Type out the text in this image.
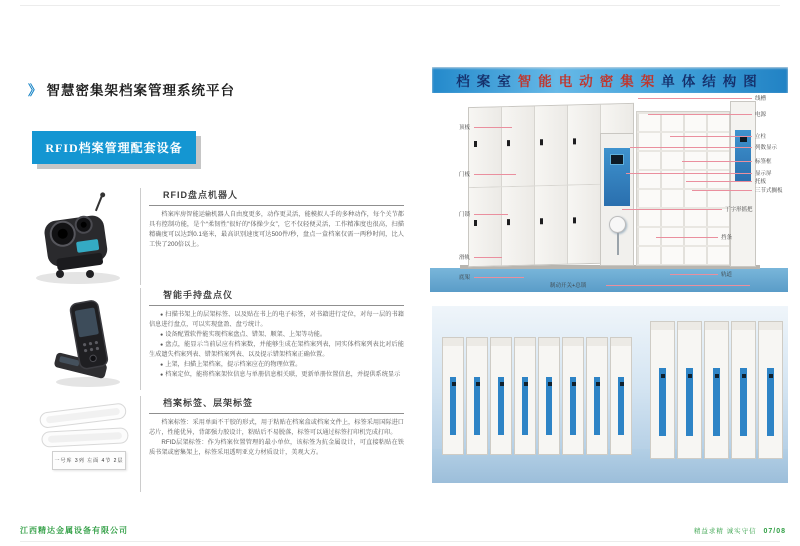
》 智慧密集架档案管理系统平台
RFID档案管理配套设备
RFID盘点机器人

档案库房智能运输机器人自由度更多，动作更灵活，能模拟人手的多种动作，每个关节都具有控制功能，是个“柔韧性”很好的“体操少女”，它不仅轻便灵活，工作精准度也很高，扫描精确度可以达到0.1毫米，最高识别速度可达500件/秒，盘点一盒档案仅需一两秒时间，比人工快了200倍以上。

智能手持盘点仪

● 扫描书架上的层架标签、以及贴在书上的电子标签，对书籍进行定位，对每一层的书籍信息进行盘点，可以实现盘盈、盘亏统计。

● 设备配置软件能实现档案盘点、错架、顺架、上架等功能。

● 盘点，能显示当前层应有档案数，并能够生成在架档案列表，同实体档案列表比对后能生成遗失档案列表、错架档案列表、以及提示错架档案正确位置。

● 上架，扫描上架档案，提示档案应在的物理位置。

● 档案定位，能将档案架位信息与单册信息相关联，更新单册位置信息，并提供系统显示

一号库 3列 左面 4节 2层
档案标签、层架标签

档案标签：采用单面不干胶的形式，用于粘贴在档案盒或档案文件上，标签采用国际进口芯片，性能优异，背部强力胶设计，粘贴后不易脱落，标签可以通过标签打印机完成打印。

RFID层架标签：作为档案位置管理的最小单位，该标签为抗金属设计，可直接粘贴在铁质书架或密集架上，标签采用透明亚克力材质设计，美观大方。

档案室 智能电动密集架 单体结构图
线槽
电源
立柱
列数显示
标签框
显示屏
托板
三节式搁板
丁字形摇把
挡条
轨道
顶板
门板
门锁
滑轨
底架
制动开关+总锁
江西精达金属设备有限公司	精益求精 诚实守信 07/08
